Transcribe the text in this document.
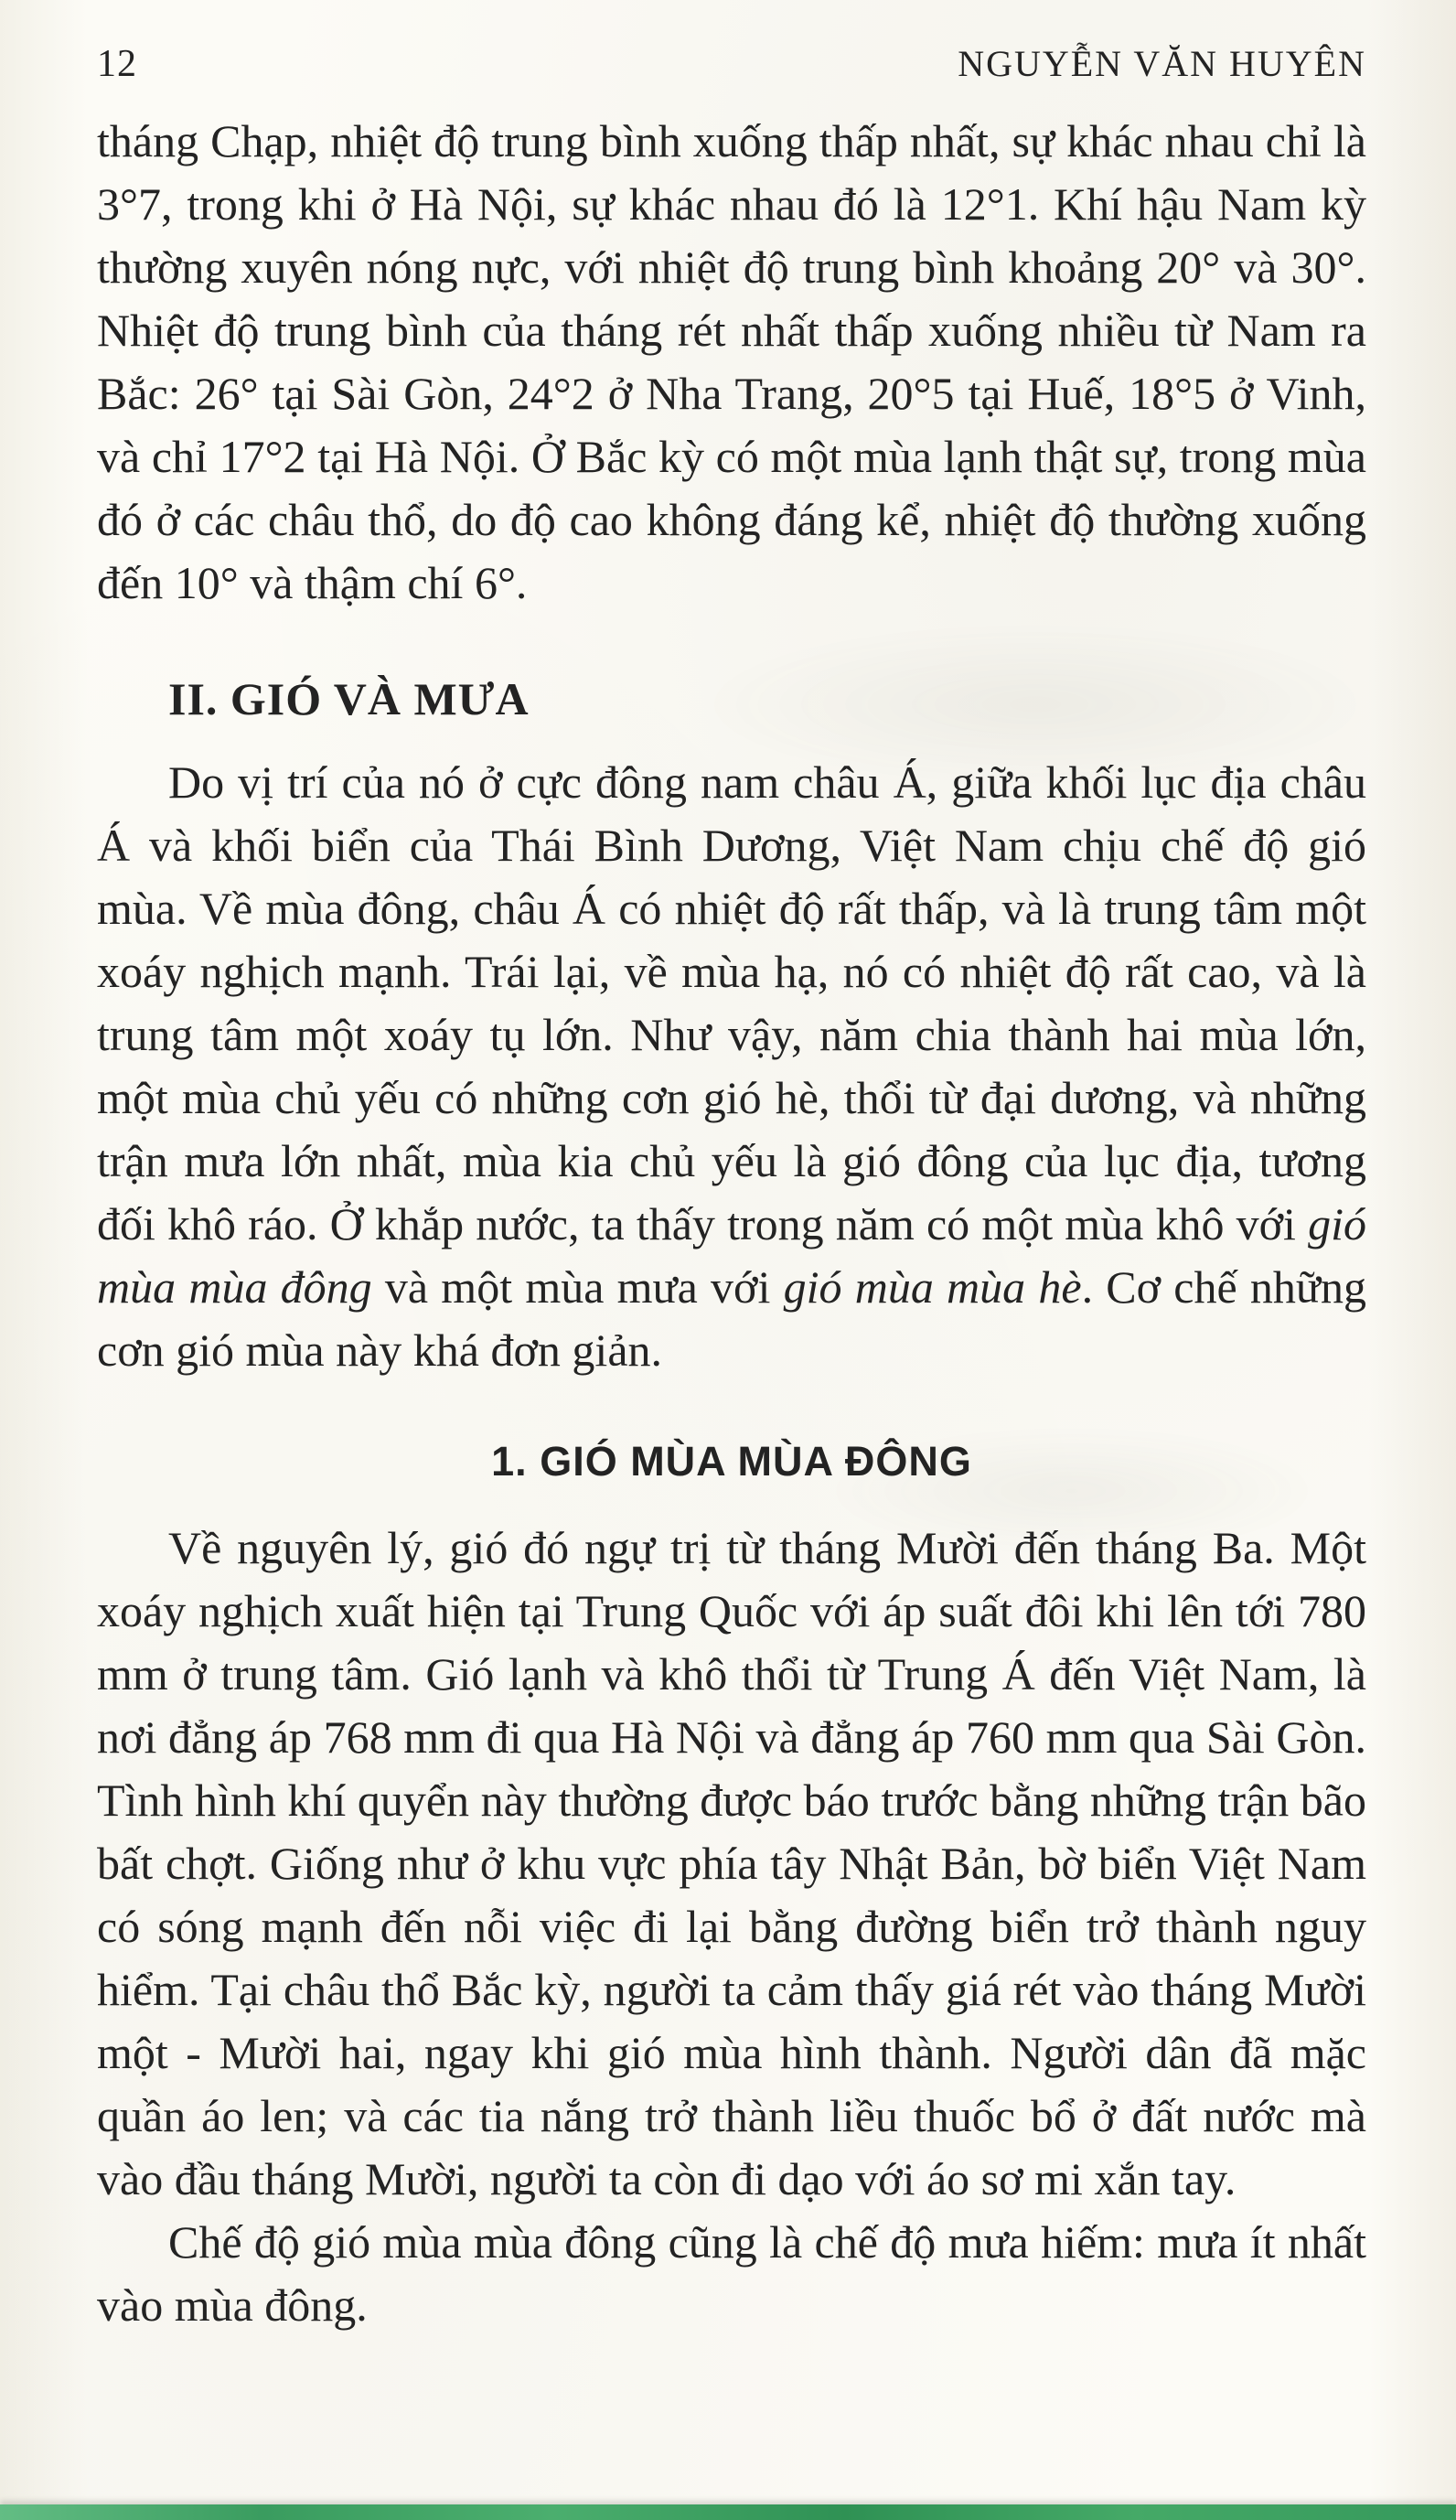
12	NGUYỄN VĂN HUYÊN

tháng Chạp, nhiệt độ trung bình xuống thấp nhất, sự khác nhau chỉ là 3°7, trong khi ở Hà Nội, sự khác nhau đó là 12°1. Khí hậu Nam kỳ thường xuyên nóng nực, với nhiệt độ trung bình khoảng 20° và 30°. Nhiệt độ trung bình của tháng rét nhất thấp xuống nhiều từ Nam ra Bắc: 26° tại Sài Gòn, 24°2 ở Nha Trang, 20°5 tại Huế, 18°5 ở Vinh, và chỉ 17°2 tại Hà Nội. Ở Bắc kỳ có một mùa lạnh thật sự, trong mùa đó ở các châu thổ, do độ cao không đáng kể, nhiệt độ thường xuống đến 10° và thậm chí 6°.

II. GIÓ VÀ MƯA

Do vị trí của nó ở cực đông nam châu Á, giữa khối lục địa châu Á và khối biển của Thái Bình Dương, Việt Nam chịu chế độ gió mùa. Về mùa đông, châu Á có nhiệt độ rất thấp, và là trung tâm một xoáy nghịch mạnh. Trái lại, về mùa hạ, nó có nhiệt độ rất cao, và là trung tâm một xoáy tụ lớn. Như vậy, năm chia thành hai mùa lớn, một mùa chủ yếu có những cơn gió hè, thổi từ đại dương, và những trận mưa lớn nhất, mùa kia chủ yếu là gió đông của lục địa, tương đối khô ráo. Ở khắp nước, ta thấy trong năm có một mùa khô với gió mùa mùa đông và một mùa mưa với gió mùa mùa hè. Cơ chế những cơn gió mùa này khá đơn giản.

1. GIÓ MÙA MÙA ĐÔNG

Về nguyên lý, gió đó ngự trị từ tháng Mười đến tháng Ba. Một xoáy nghịch xuất hiện tại Trung Quốc với áp suất đôi khi lên tới 780 mm ở trung tâm. Gió lạnh và khô thổi từ Trung Á đến Việt Nam, là nơi đẳng áp 768 mm đi qua Hà Nội và đẳng áp 760 mm qua Sài Gòn. Tình hình khí quyển này thường được báo trước bằng những trận bão bất chợt. Giống như ở khu vực phía tây Nhật Bản, bờ biển Việt Nam có sóng mạnh đến nỗi việc đi lại bằng đường biển trở thành nguy hiểm. Tại châu thổ Bắc kỳ, người ta cảm thấy giá rét vào tháng Mười một - Mười hai, ngay khi gió mùa hình thành. Người dân đã mặc quần áo len; và các tia nắng trở thành liều thuốc bổ ở đất nước mà vào đầu tháng Mười, người ta còn đi dạo với áo sơ mi xắn tay.

Chế độ gió mùa mùa đông cũng là chế độ mưa hiếm: mưa ít nhất vào mùa đông.
